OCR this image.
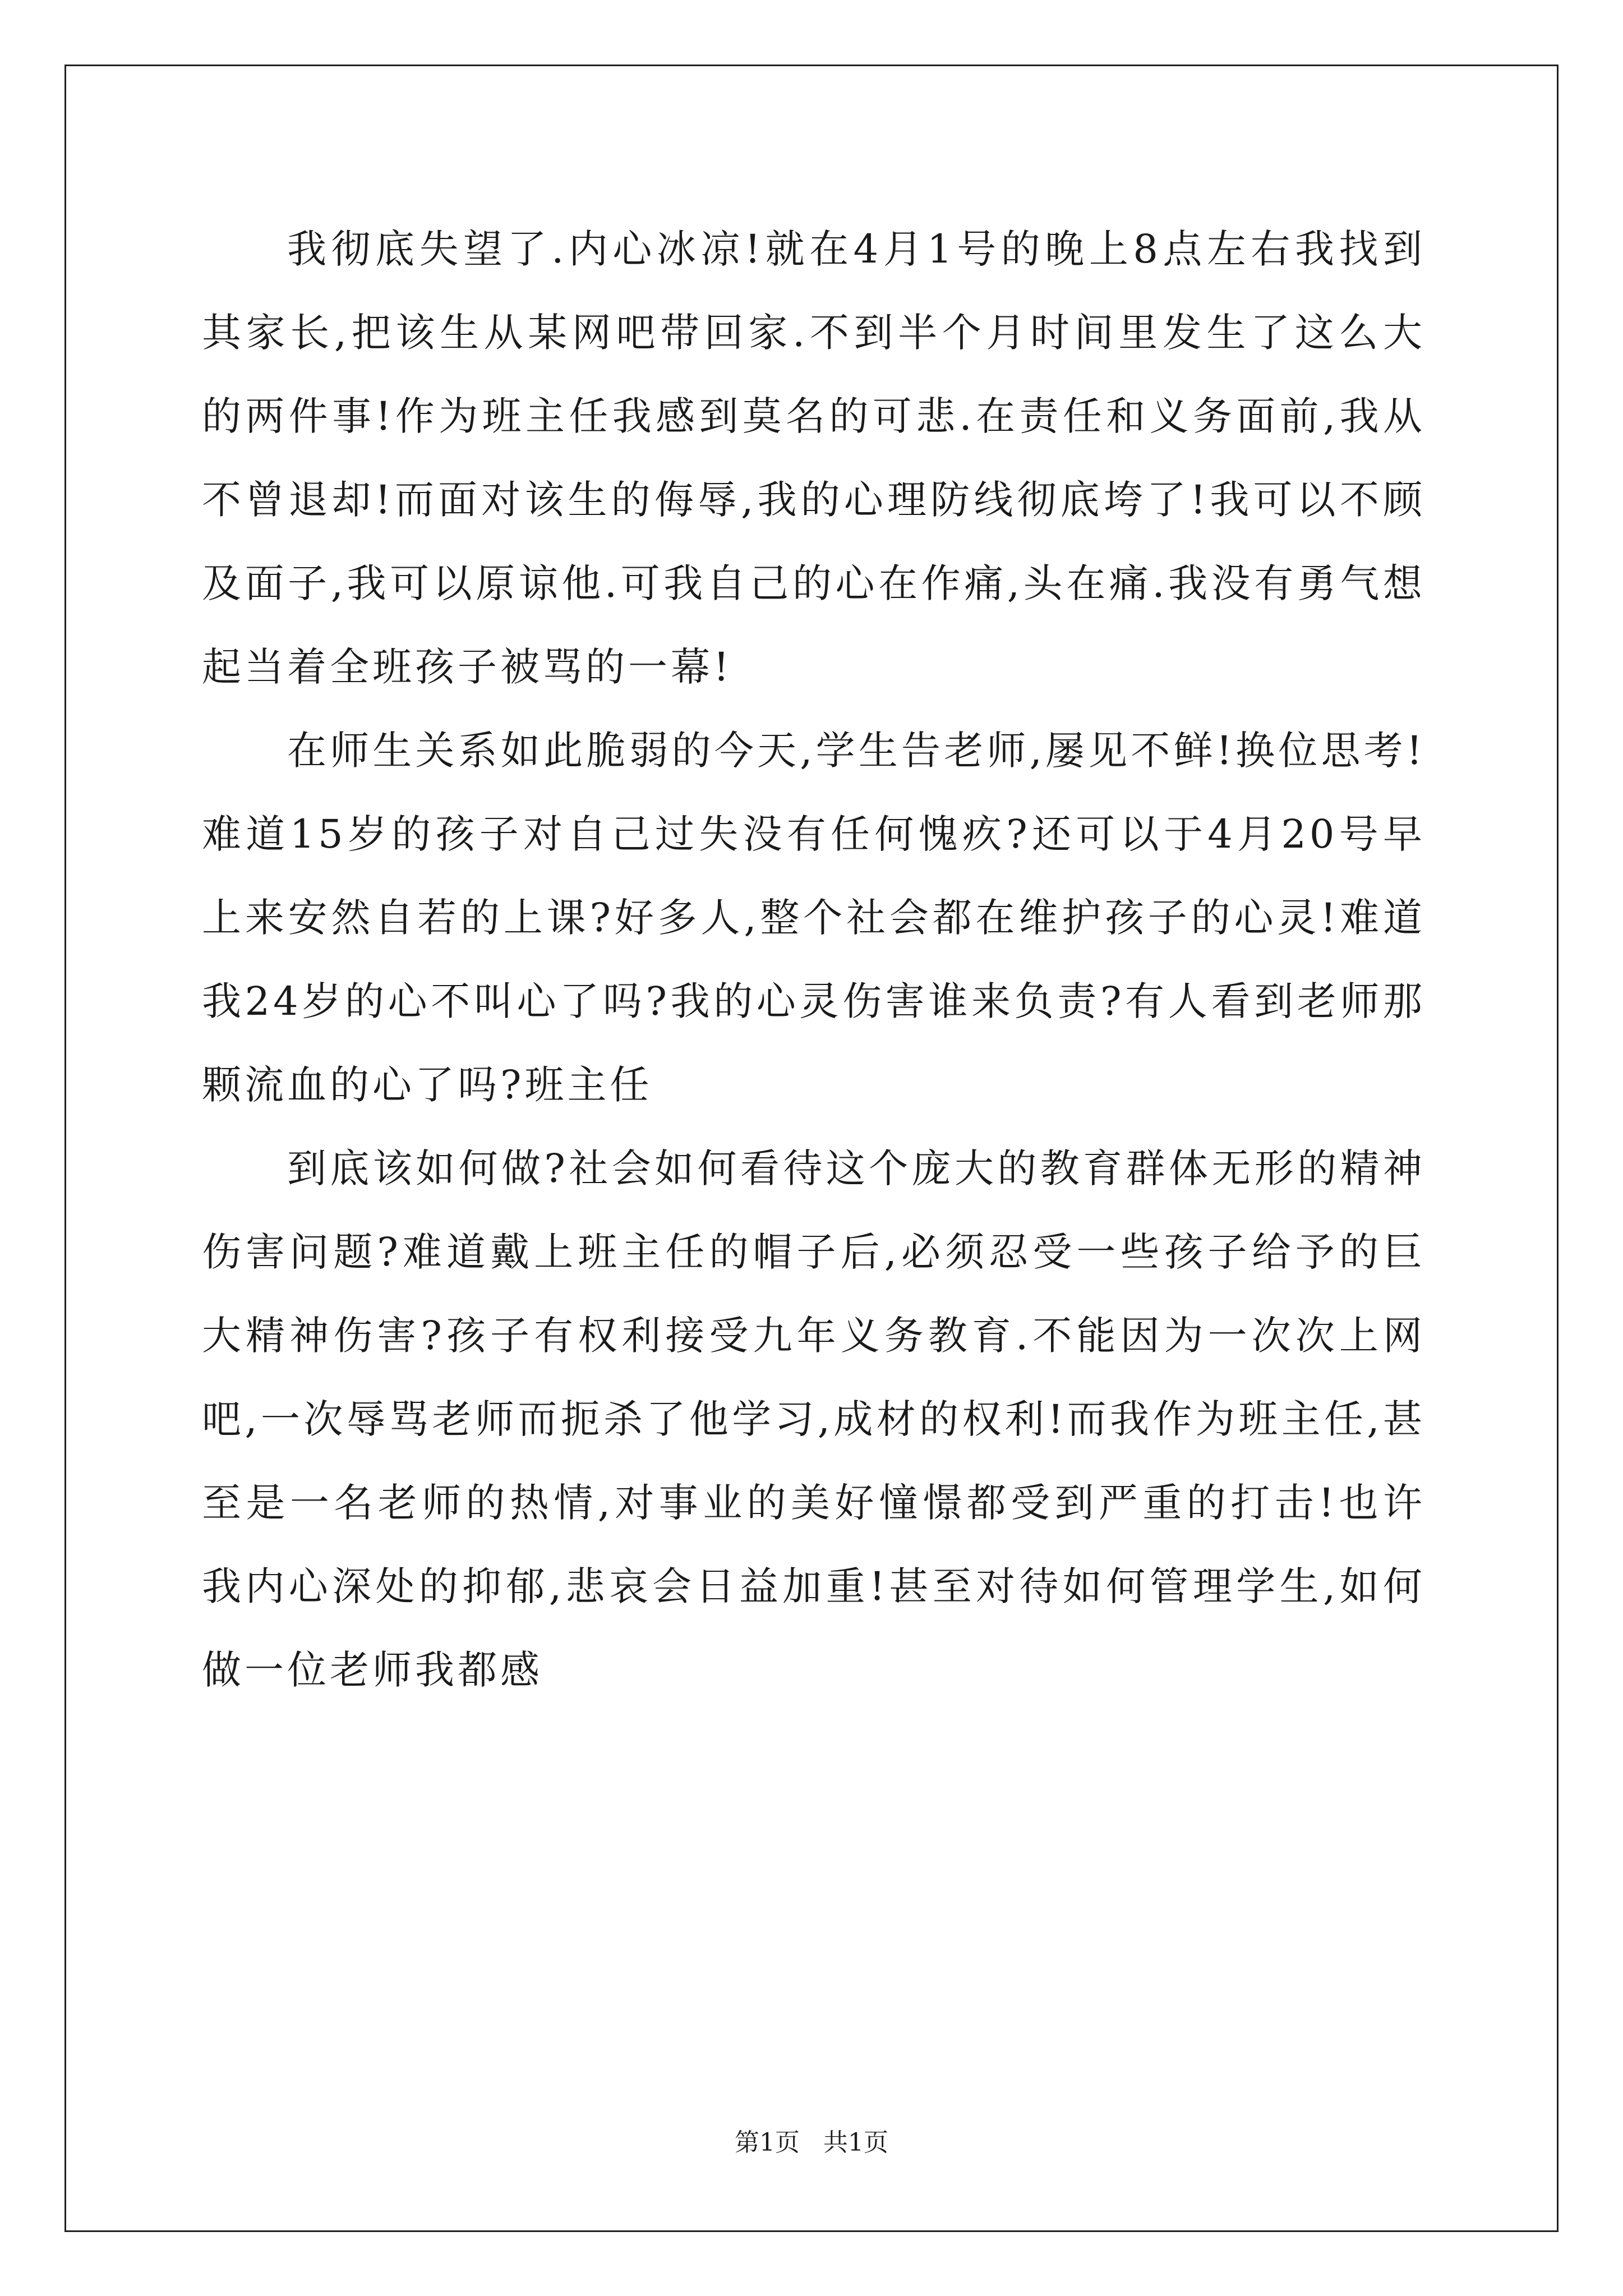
我彻底失望了.内心冰凉!就在4月1号的晚上8点左右我找到其家长,把该生从某网吧带回家.不到半个月时间里发生了这么大的两件事!作为班主任我感到莫名的可悲.在责任和义务面前,我从不曾退却!而面对该生的侮辱,我的心理防线彻底垮了!我可以不顾及面子,我可以原谅他.可我自己的心在作痛,头在痛.我没有勇气想起当着全班孩子被骂的一幕!

在师生关系如此脆弱的今天,学生告老师,屡见不鲜!换位思考!难道15岁的孩子对自己过失没有任何愧疚?还可以于4月20号早上来安然自若的上课?好多人,整个社会都在维护孩子的心灵!难道我24岁的心不叫心了吗?我的心灵伤害谁来负责?有人看到老师那颗流血的心了吗?班主任

到底该如何做?社会如何看待这个庞大的教育群体无形的精神伤害问题?难道戴上班主任的帽子后,必须忍受一些孩子给予的巨大精神伤害?孩子有权利接受九年义务教育.不能因为一次次上网吧,一次辱骂老师而扼杀了他学习,成材的权利!而我作为班主任,甚至是一名老师的热情,对事业的美好憧憬都受到严重的打击!也许我内心深处的抑郁,悲哀会日益加重!甚至对待如何管理学生,如何做一位老师我都感

第1页   共1页
